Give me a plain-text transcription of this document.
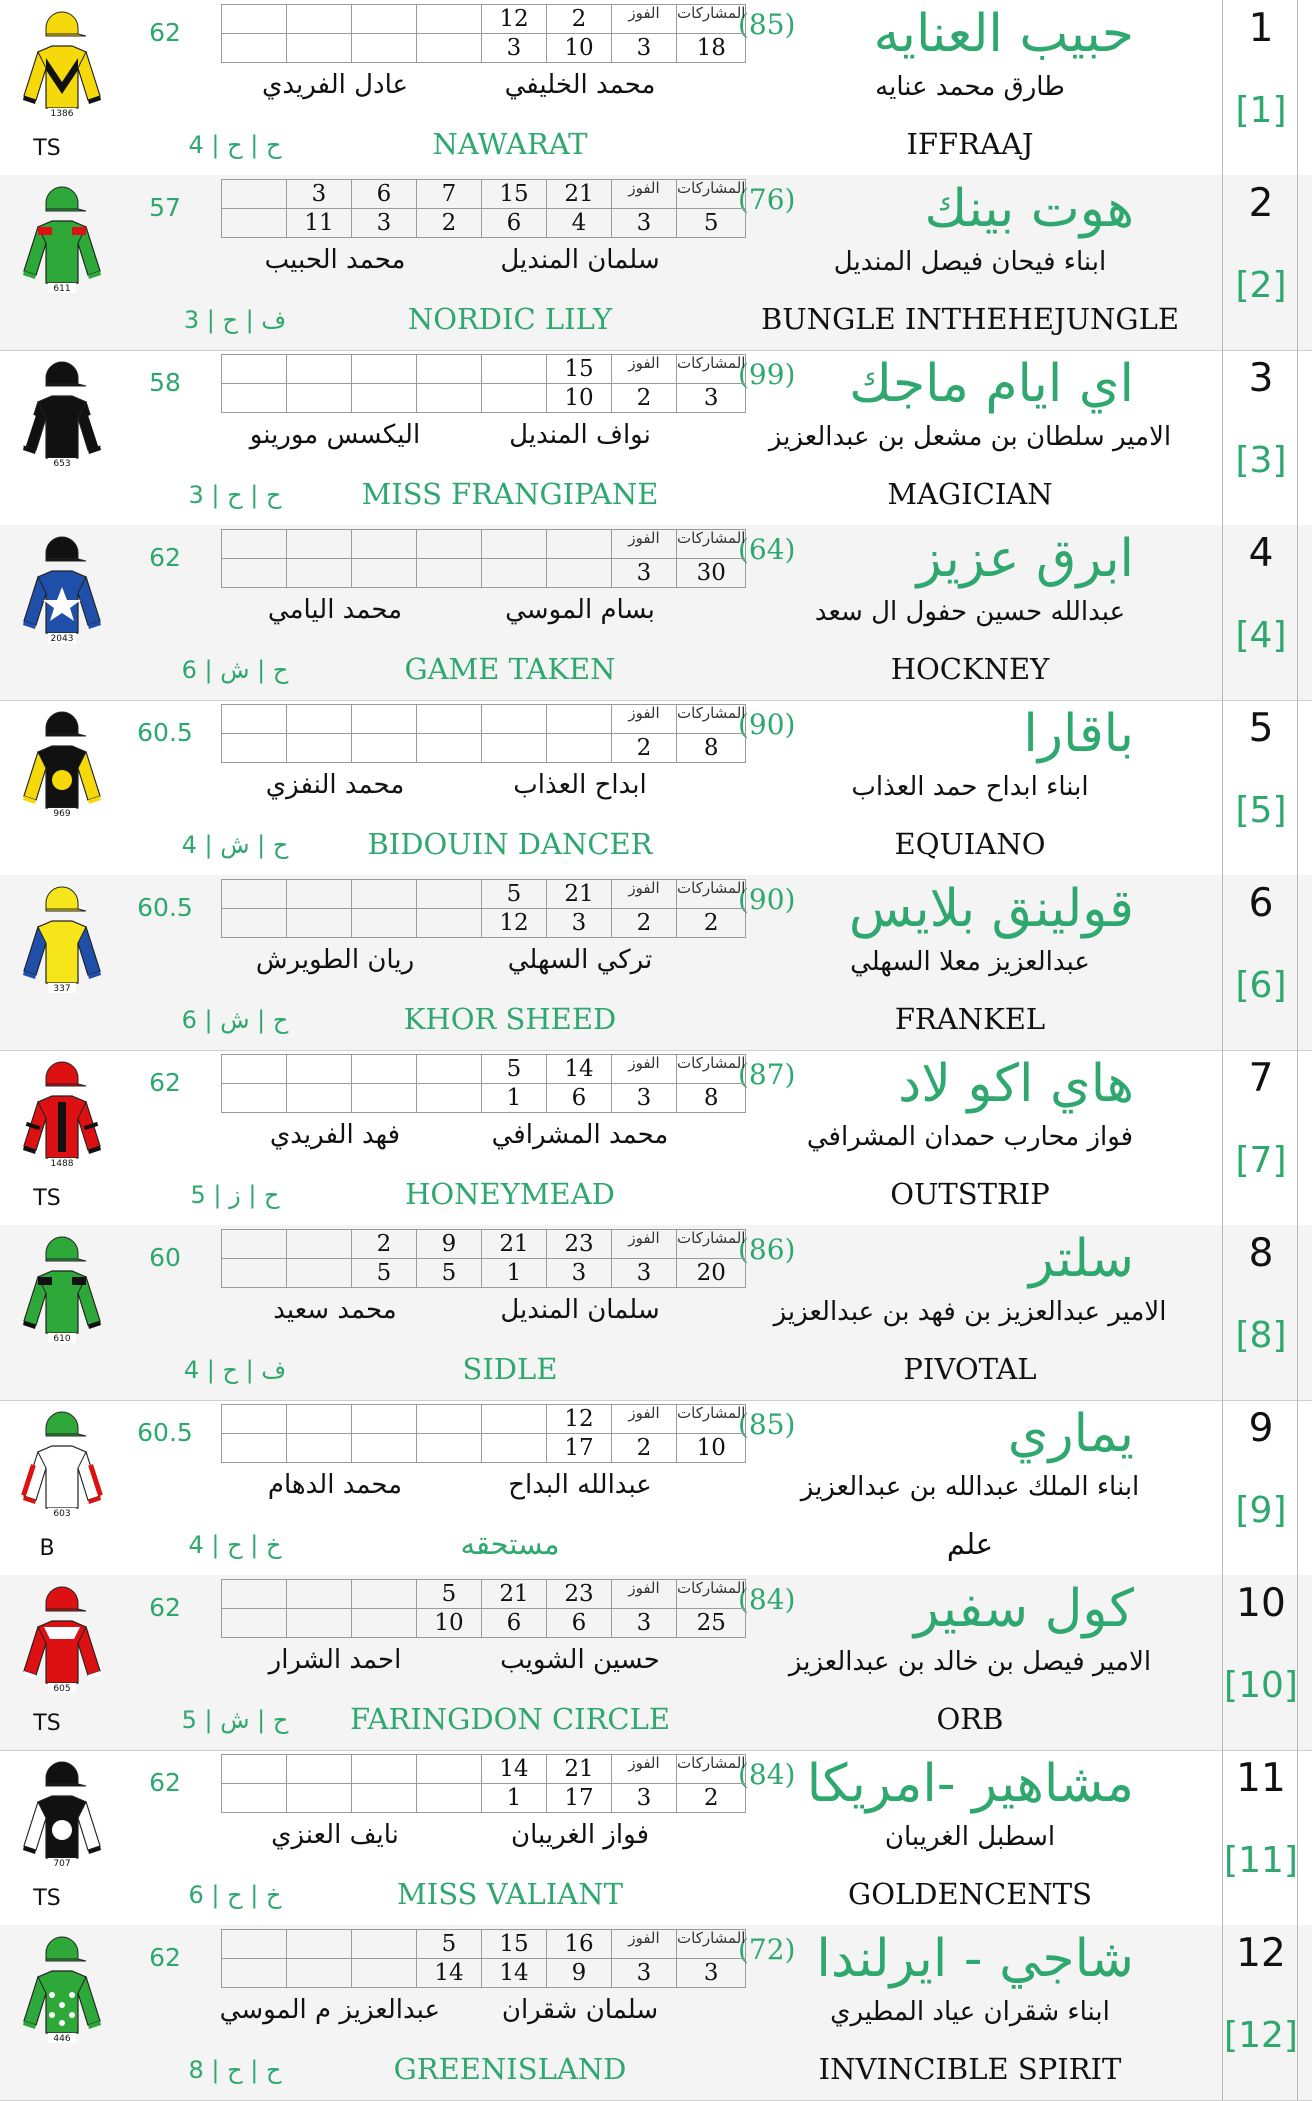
1
[1]
(85) حبيب العنايه
طارق محمد عنايه
IFFRAAJ
NAWARAT
محمد الخليفي
عادل الفريدي
ح | ح | 4
62
TS
1386
المشاركات	الفوز	2	12				
18	3	10	3				
2
[2]
(76) هوت بينك
ابناء فيحان فيصل المنديل
BUNGLE INTHEHEJUNGLE
NORDIC LILY
سلمان المنديل
محمد الحبيب
ف | ح | 3
57
611
المشاركات	الفوز	21	15	7	6	3	
5	3	4	6	2	3	11	
3
[3]
(99) اي ايام ماجك
الامير سلطان بن مشعل بن عبدالعزيز
MAGICIAN
MISS FRANGIPANE
نواف المنديل
اليكسس مورينو
ح | ح | 3
58
653
المشاركات	الفوز	15					
3	2	10					
4
[4]
(64) ابرق عزيز
عبدالله حسين حفول ال سعد
HOCKNEY
GAME TAKEN
بسام الموسي
محمد اليامي
ح | ش | 6
62
2043
المشاركات	الفوز						
30	3						
5
[5]
(90)	باقارا
ابناء ابداح حمد العذاب
EQUIANO
BIDOUIN DANCER
ابداح العذاب
محمد النفزي
ح | ش | 4
60.5
969
المشاركات	الفوز						
8	2						
6
[6]
(90) قولينق بلايس
عبدالعزيز معلا السهلي
FRANKEL
KHOR SHEED
تركي السهلي
ريان الطويرش
ح | ش | 6
60.5
337
المشاركات	الفوز	21	5				
2	2	3	12				
7
[7]
(87) هاي اكو لاد
فواز محارب حمدان المشرافي
OUTSTRIP
HONEYMEAD
محمد المشرافي
فهد الفريدي
ح | ز | 5
62
TS
1488
المشاركات	الفوز	14	5				
8	3	6	1				
8
[8]
(86)	سلتر
الامير عبدالعزيز بن فهد بن عبدالعزيز
PIVOTAL
SIDLE
سلمان المنديل
محمد سعيد
ف | ح | 4
60
610
المشاركات	الفوز	23	21	9	2		
20	3	3	1	5	5		
9
[9]
(85)	يماري
ابناء الملك عبدالله بن عبدالعزيز
علم
مستحقه
عبدالله البداح
محمد الدهام
خ | ح | 4
60.5
B
603
المشاركات	الفوز	12					
10	2	17					
10
[10]
(84) كول سفير
الامير فيصل بن خالد بن عبدالعزيز
ORB
FARINGDON CIRCLE
حسين الشويب
احمد الشرار
ح | ش | 5
62
TS
605
المشاركات	الفوز	23	21	5			
25	3	6	6	10			
11
[11]
(84) مشاهير -امريكا
اسطبل الغريبان
GOLDENCENTS
MISS VALIANT
فواز الغريبان
نايف العنزي
خ | ح | 6
62
TS
707
المشاركات	الفوز	21	14				
2	3	17	1				
12
[12]
(72) شاجي - ايرلندا
ابناء شقران عياد المطيري
INVINCIBLE SPIRIT
GREENISLAND
سلمان شقران
عبدالعزيز م الموسي
ح | ح | 8
62
446
المشاركات	الفوز	16	15	5			
3	3	9	14	14			
